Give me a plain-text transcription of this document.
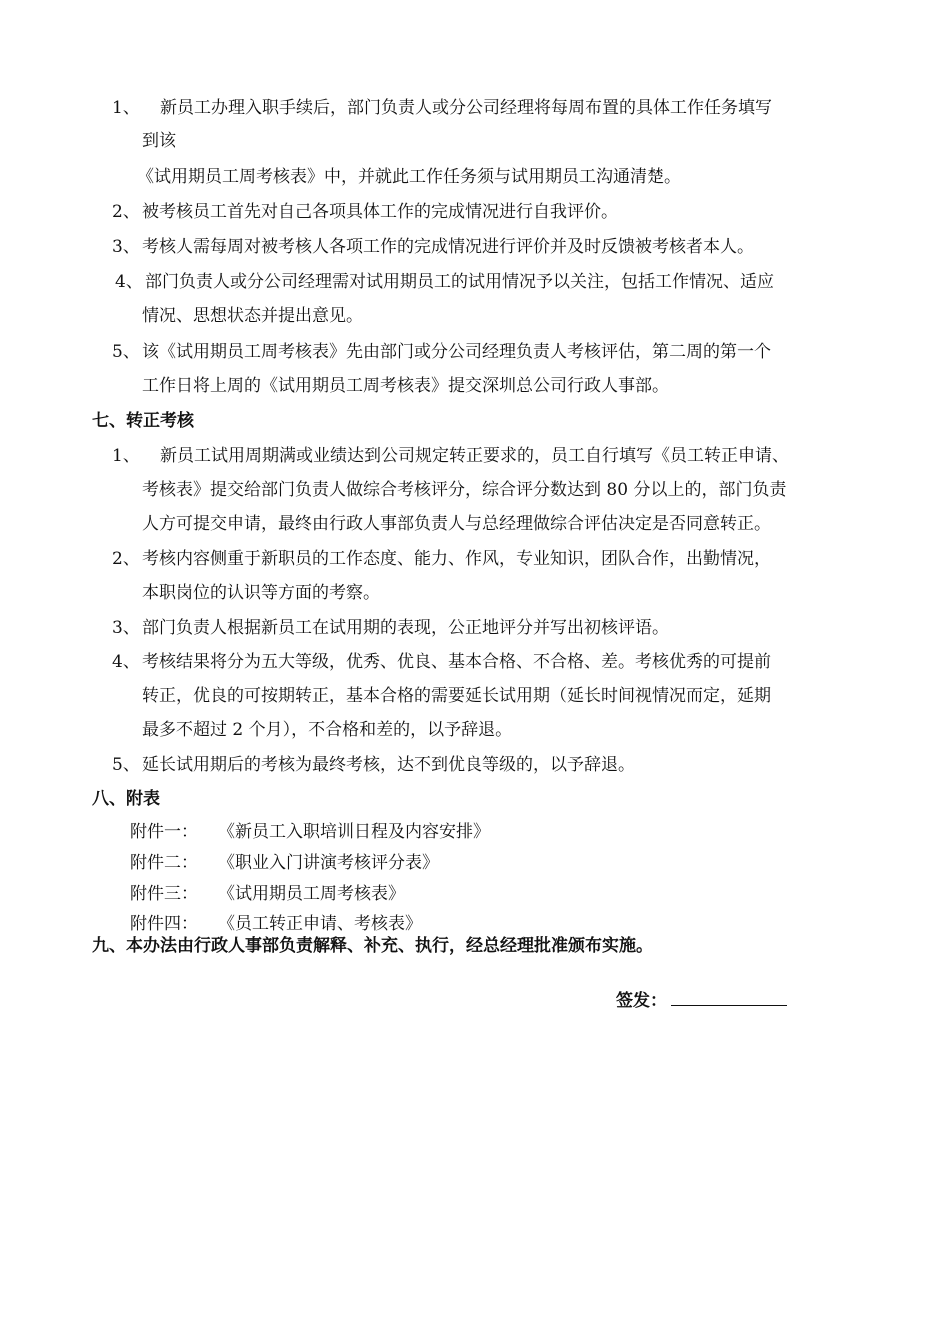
1、 新员工办理入职手续后，部门负责人或分公司经理将每周布置的具体工作任务填写
到该
《试用期员工周考核表》中，并就此工作任务须与试用期员工沟通清楚。
2、 被考核员工首先对自己各项具体工作的完成情况进行自我评价。
3、 考核人需每周对被考核人各项工作的完成情况进行评价并及时反馈被考核者本人。
4、 部门负责人或分公司经理需对试用期员工的试用情况予以关注，包括工作情况、适应
情况、思想状态并提出意见。
5、 该《试用期员工周考核表》先由部门或分公司经理负责人考核评估，第二周的第一个
工作日将上周的《试用期员工周考核表》提交深圳总公司行政人事部。
七、转正考核
1、 新员工试用周期满或业绩达到公司规定转正要求的，员工自行填写《员工转正申请、
考核表》提交给部门负责人做综合考核评分，综合评分数达到 80 分以上的，部门负责
人方可提交申请，最终由行政人事部负责人与总经理做综合评估决定是否同意转正。
2、 考核内容侧重于新职员的工作态度、能力、作风，专业知识，团队合作，出勤情况，
本职岗位的认识等方面的考察。
3、 部门负责人根据新员工在试用期的表现，公正地评分并写出初核评语。
4、 考核结果将分为五大等级，优秀、优良、基本合格、不合格、差。考核优秀的可提前
转正，优良的可按期转正，基本合格的需要延长试用期（延长时间视情况而定，延期
最多不超过 2 个月），不合格和差的，以予辞退。
5、 延长试用期后的考核为最终考核，达不到优良等级的，以予辞退。
八、附表
附件一： 《新员工入职培训日程及内容安排》
附件二： 《职业入门讲演考核评分表》
附件三： 《试用期员工周考核表》
附件四： 《员工转正申请、考核表》
九、本办法由行政人事部负责解释、补充、执行，经总经理批准颁布实施。
签发：
